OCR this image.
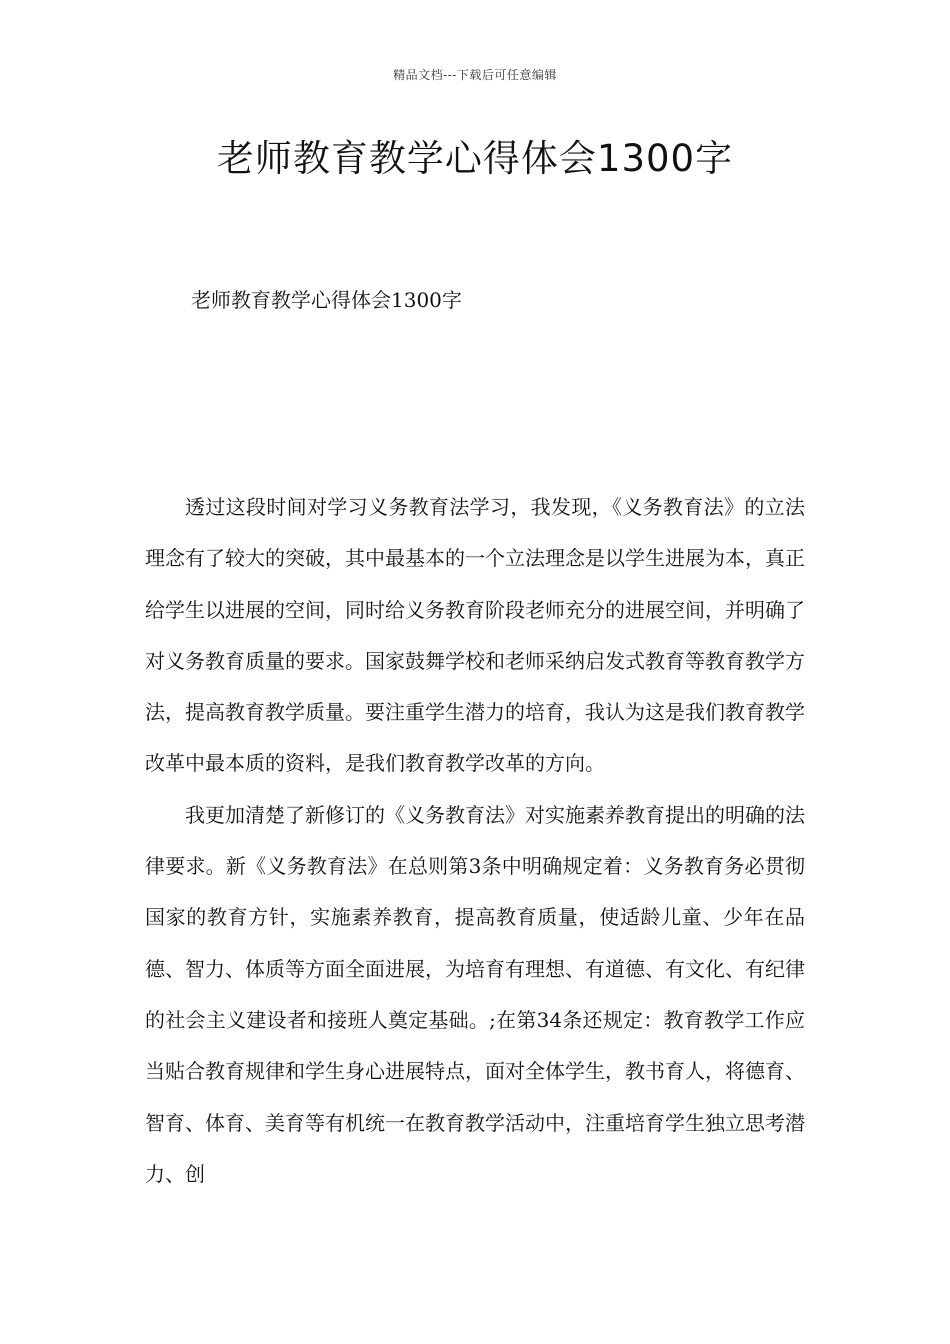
精品文档---下载后可任意编辑
老师教育教学心得体会1300字

老师教育教学心得体会1300字

透过这段时间对学习义务教育法学习，我发现，《义务教育法》的立法理念有了较大的突破，其中最基本的一个立法理念是以学生进展为本，真正给学生以进展的空间，同时给义务教育阶段老师充分的进展空间，并明确了对义务教育质量的要求。国家鼓舞学校和老师采纳启发式教育等教育教学方法，提高教育教学质量。要注重学生潜力的培育，我认为这是我们教育教学改革中最本质的资料，是我们教育教学改革的方向。

我更加清楚了新修订的《义务教育法》对实施素养教育提出的明确的法律要求。新《义务教育法》在总则第3条中明确规定着：义务教育务必贯彻国家的教育方针，实施素养教育，提高教育质量，使适龄儿童、少年在品德、智力、体质等方面全面进展，为培育有理想、有道德、有文化、有纪律的社会主义建设者和接班人奠定基础。;在第34条还规定：教育教学工作应当贴合教育规律和学生身心进展特点，面对全体学生，教书育人，将德育、智育、体育、美育等有机统一在教育教学活动中，注重培育学生独立思考潜力、创
